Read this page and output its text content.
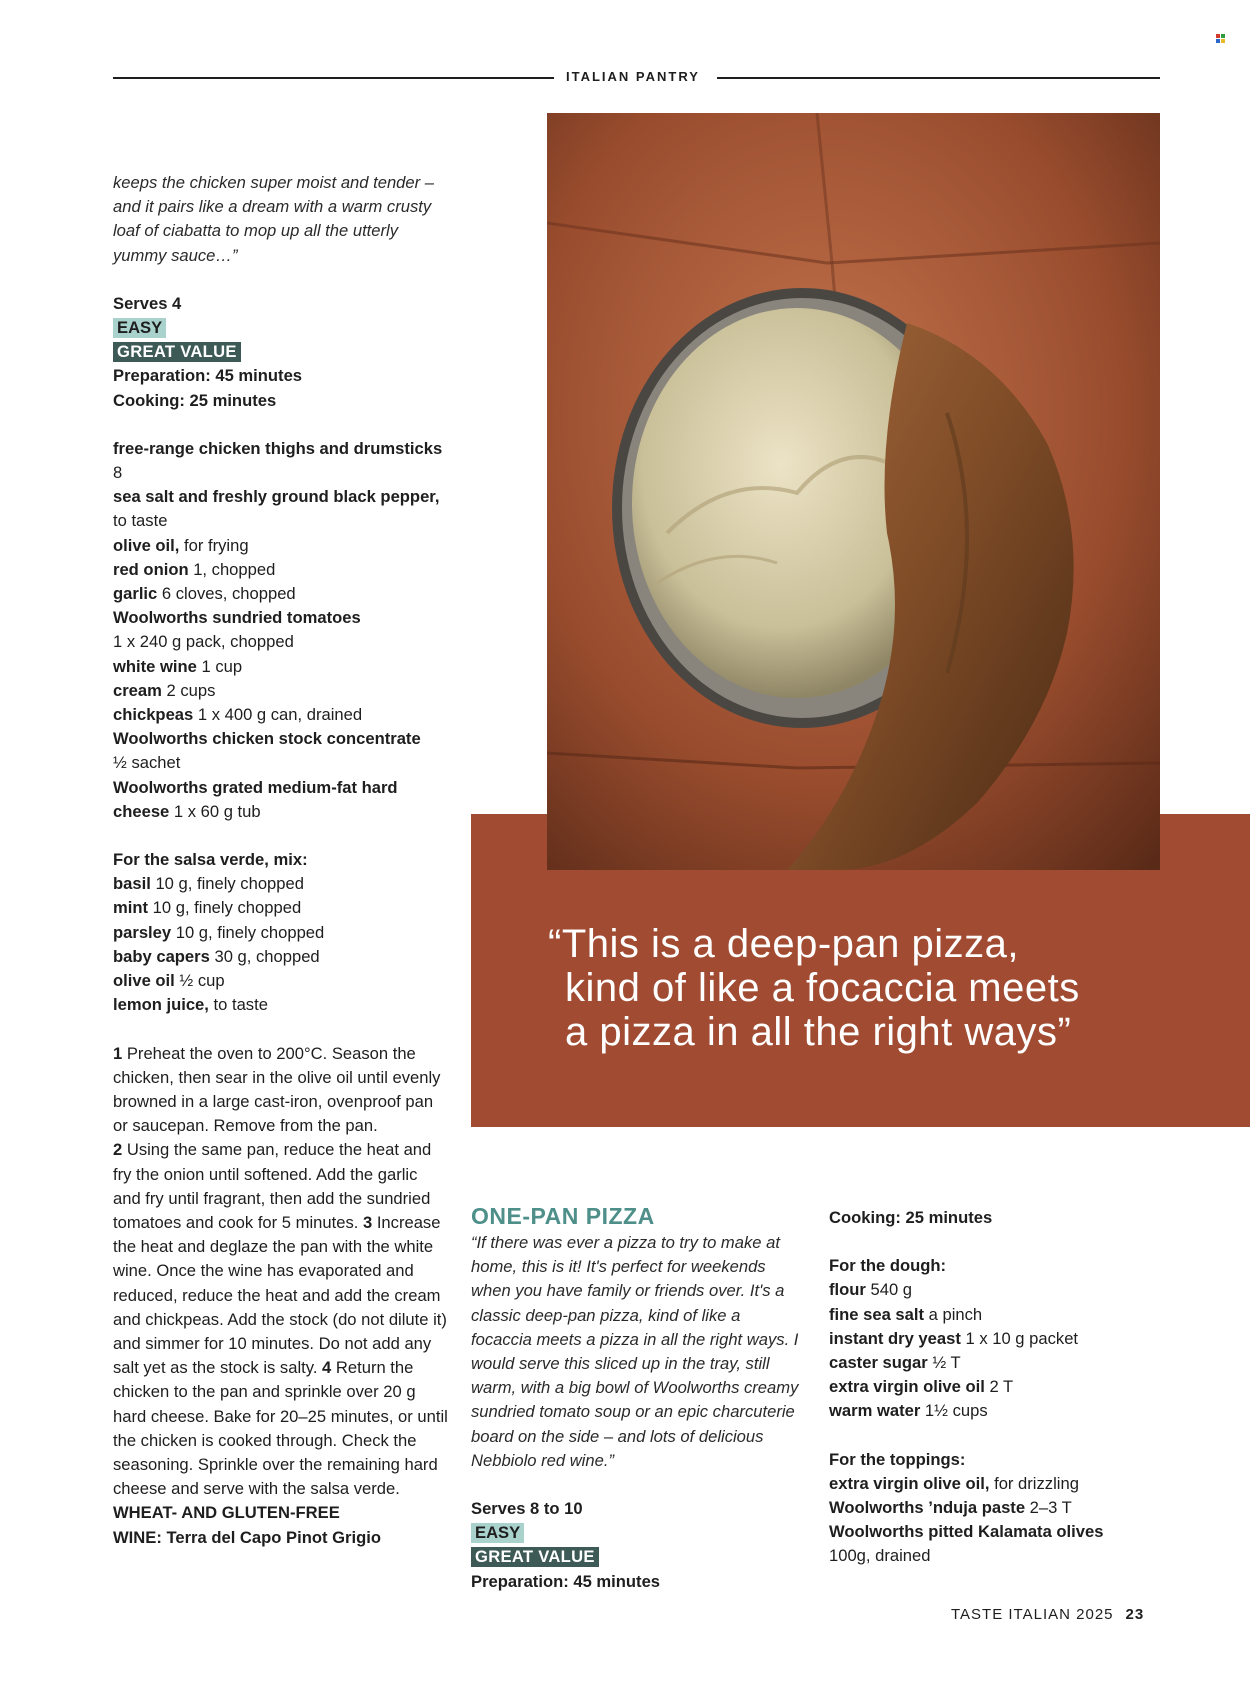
ITALIAN PANTRY

keeps the chicken super moist and tender – and it pairs like a dream with a warm crusty loaf of ciabatta to mop up all the utterly yummy sauce…”

Serves 4

EASY

GREAT VALUE

Preparation: 45 minutes

Cooking: 25 minutes

free-range chicken thighs and drumsticks 8

sea salt and freshly ground black pepper, to taste

olive oil, for frying

red onion 1, chopped

garlic 6 cloves, chopped

Woolworths sundried tomatoes
1 x 240 g pack, chopped

white wine 1 cup

cream 2 cups

chickpeas 1 x 400 g can, drained

Woolworths chicken stock concentrate
½ sachet

Woolworths grated medium-fat hard cheese 1 x 60 g tub

For the salsa verde, mix:

basil 10 g, finely chopped

mint 10 g, finely chopped

parsley 10 g, finely chopped

baby capers 30 g, chopped

olive oil ½ cup

lemon juice, to taste

1 Preheat the oven to 200°C. Season the chicken, then sear in the olive oil until evenly browned in a large cast-iron, ovenproof pan or saucepan. Remove from the pan.
2 Using the same pan, reduce the heat and fry the onion until softened. Add the garlic and fry until fragrant, then add the sundried tomatoes and cook for 5 minutes. 3 Increase the heat and deglaze the pan with the white wine. Once the wine has evaporated and reduced, reduce the heat and add the cream and chickpeas. Add the stock (do not dilute it) and simmer for 10 minutes. Do not add any salt yet as the stock is salty. 4 Return the chicken to the pan and sprinkle over 20 g hard cheese. Bake for 20–25 minutes, or until the chicken is cooked through. Check the seasoning. Sprinkle over the remaining hard cheese and serve with the salsa verde.

WHEAT- AND GLUTEN-FREE

WINE: Terra del Capo Pinot Grigio

“This is a deep-pan pizza,

kind of like a focaccia meets

a pizza in all the right ways”

ONE-PAN PIZZA

“If there was ever a pizza to try to make at home, this is it! It's perfect for weekends when you have family or friends over. It's a classic deep-pan pizza, kind of like a focaccia meets a pizza in all the right ways. I would serve this sliced up in the tray, still warm, with a big bowl of Woolworths creamy sundried tomato soup or an epic charcuterie board on the side – and lots of delicious Nebbiolo red wine.”

Serves 8 to 10

EASY

GREAT VALUE

Preparation: 45 minutes

Cooking: 25 minutes

For the dough:

flour 540 g

fine sea salt a pinch

instant dry yeast 1 x 10 g packet

caster sugar ½ T

extra virgin olive oil 2 T

warm water 1½ cups

For the toppings:

extra virgin olive oil, for drizzling

Woolworths ’nduja paste 2–3 T

Woolworths pitted Kalamata olives
100g, drained

TASTE ITALIAN 2025 23
